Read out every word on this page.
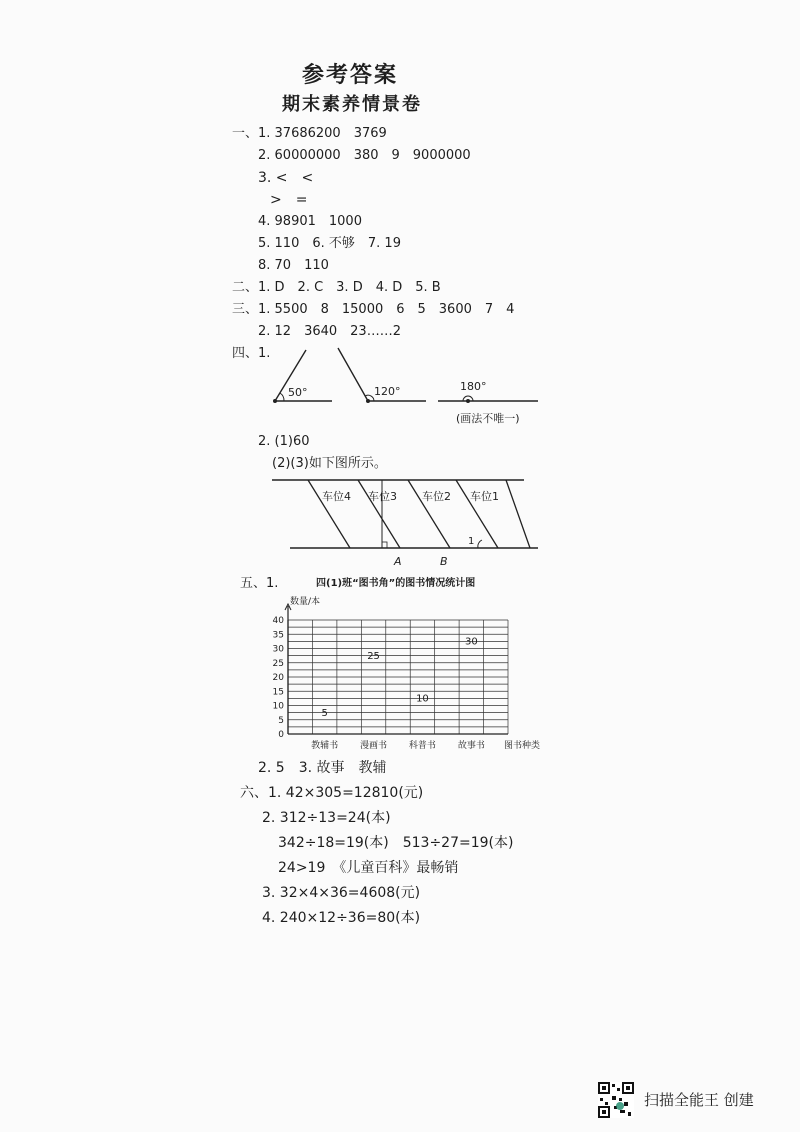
参考答案
期末素养情景卷
一、1. 37686200　3769
2. 60000000　380　9　9000000
3. <　<
>　=
4. 98901　1000
5. 110　6. 不够　7. 19
8. 70　110
二、1. D　2. C　3. D　4. D　5. B
三、1. 5500　8　15000　6　5　3600　7　4
2. 12　3640　23……2
四、1.
50°	120°	180°
(画法不唯一)
2. (1)60
(2)(3)如下图所示。
车位4 车位3 车位2 车位1
A	B
1
五、1.	四(1)班“图书角”的图书情况统计图
数量/本
图书种类
0
5
10
15
20
25
30
35
40
教辅书
5
漫画书
25
科普书
10
故事书
30
2. 5　3. 故事　教辅
六、1. 42×305=12810(元)
2. 312÷13=24(本)
342÷18=19(本)　513÷27=19(本)
24>19　《儿童百科》最畅销
3. 32×4×36=4608(元)
4. 240×12÷36=80(本)
扫描全能王 创建
